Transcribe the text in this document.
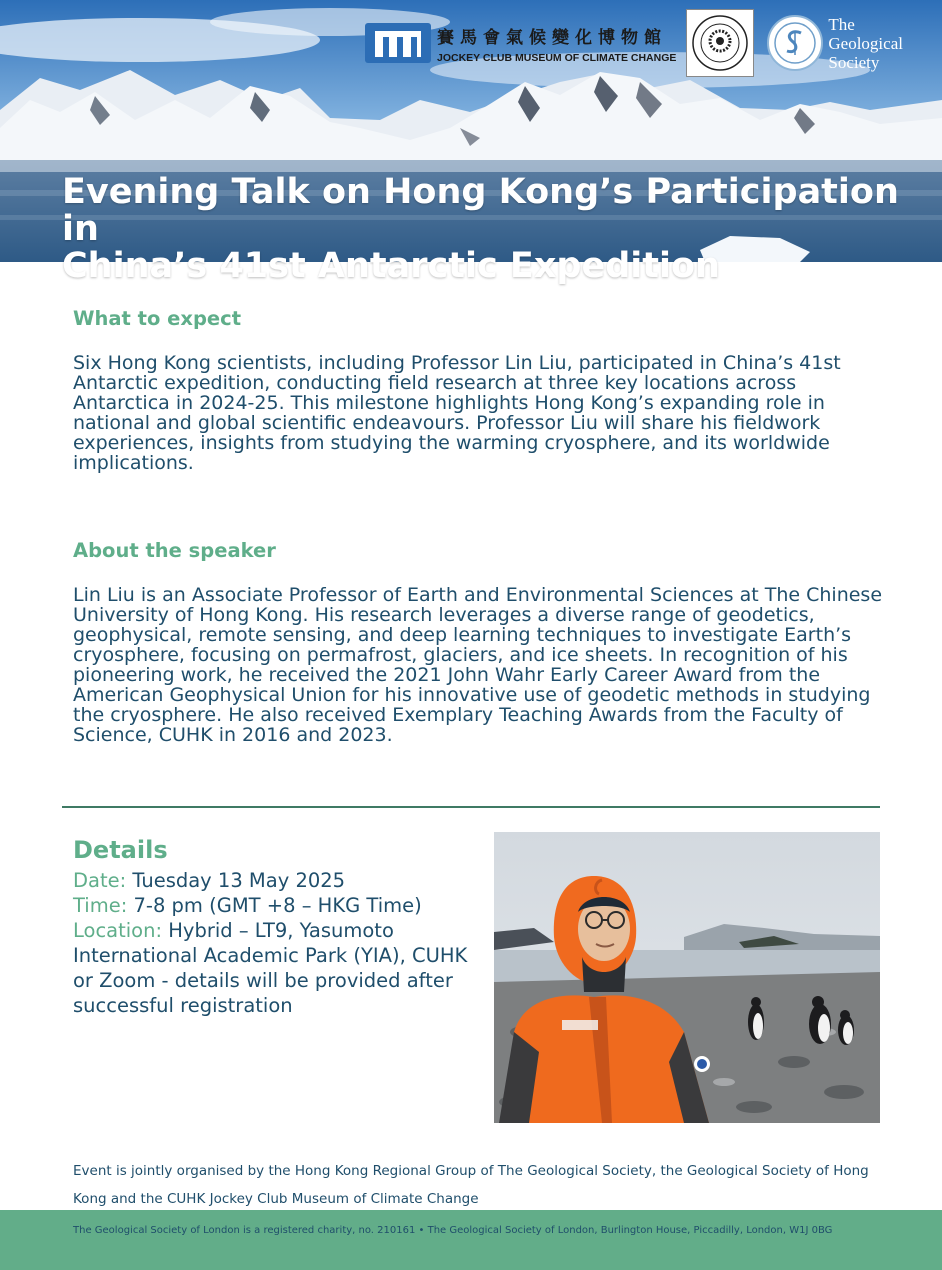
賽馬會氣候變化博物館
JOCKEY CLUB MUSEUM OF CLIMATE CHANGE
The
Geological
Society
Evening Talk on Hong Kong’s Participation in
China’s 41st Antarctic Expedition
What to expect
Six Hong Kong scientists, including Professor Lin Liu, participated in China’s 41st Antarctic expedition, conducting field research at three key locations across Antarctica in 2024-25. This milestone highlights Hong Kong’s expanding role in national and global scientific endeavours. Professor Liu will share his fieldwork experiences, insights from studying the warming cryosphere, and its worldwide implications.
About the speaker
Lin Liu is an Associate Professor of Earth and Environmental Sciences at The Chinese University of Hong Kong. His research leverages a diverse range of geodetics, geophysical, remote sensing, and deep learning techniques to investigate Earth’s cryosphere, focusing on permafrost, glaciers, and ice sheets. In recognition of his pioneering work, he received the 2021 John Wahr Early Career Award from the American Geophysical Union for his innovative use of geodetic methods in studying the cryosphere. He also received Exemplary Teaching Awards from the Faculty of Science, CUHK in 2016 and 2023.
Details
Date: Tuesday 13 May 2025
Time: 7-8 pm (GMT +8 – HKG Time)
Location: Hybrid – LT9, Yasumoto International Academic Park (YIA), CUHK or Zoom - details will be provided after successful registration
Event is jointly organised by the Hong Kong Regional Group of The Geological Society, the Geological Society of Hong Kong and the CUHK Jockey Club Museum of Climate Change
The Geological Society of London is a registered charity, no. 210161 • The Geological Society of London, Burlington House, Piccadilly, London, W1J 0BG
